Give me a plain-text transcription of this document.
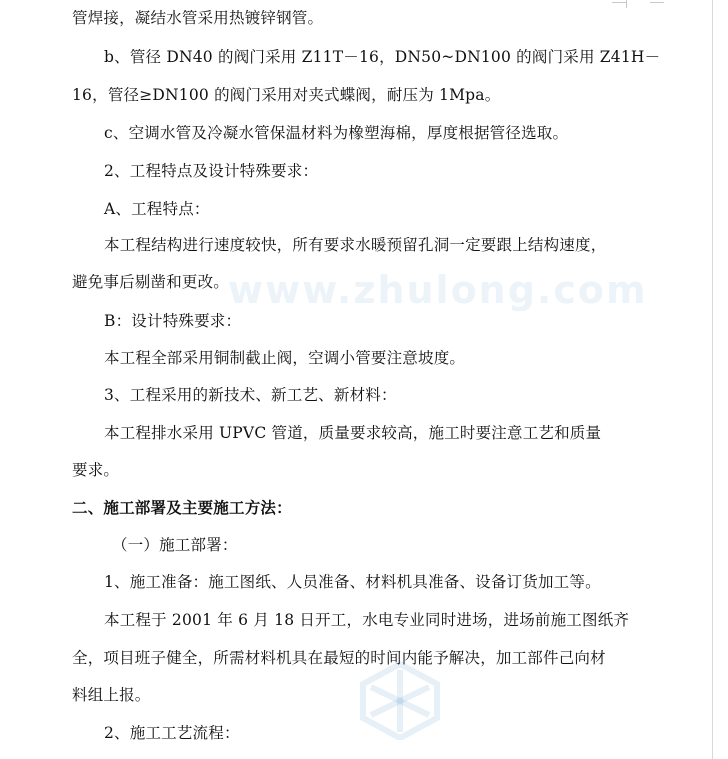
www.zhulong.com
管焊接，凝结水管采用热镀锌钢管。
b、管径 DN40 的阀门采用 Z11T－16，DN50~DN100 的阀门采用 Z41H－
16，管径≥DN100 的阀门采用对夹式蝶阀，耐压为 1Mpa。
c、空调水管及冷凝水管保温材料为橡塑海棉，厚度根据管径选取。
2、工程特点及设计特殊要求：
A、工程特点：
本工程结构进行速度较快，所有要求水暖预留孔洞一定要跟上结构速度，
避免事后剔凿和更改。
B：设计特殊要求：
本工程全部采用铜制截止阀，空调小管要注意坡度。
3、工程采用的新技术、新工艺、新材料：
本工程排水采用 UPVC 管道，质量要求较高，施工时要注意工艺和质量
要求。
二、施工部署及主要施工方法：
（一）施工部署：
1、施工准备：施工图纸、人员准备、材料机具准备、设备订货加工等。
本工程于 2001 年 6 月 18 日开工，水电专业同时进场，进场前施工图纸齐
全，项目班子健全，所需材料机具在最短的时间内能予解决，加工部件己向材
料组上报。
2、施工工艺流程：
